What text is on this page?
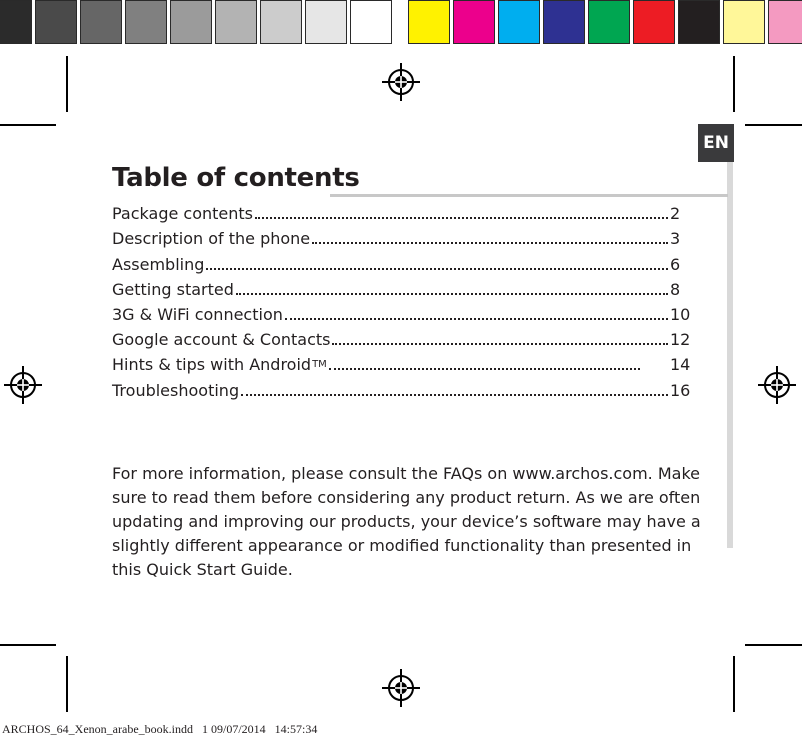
EN
Table of contents
Package contents	2
Description of the phone	3
Assembling	6
Getting started	8
3G & WiFi connection	10
Google account & Contacts	12
Hints & tips with Android TM	14
Troubleshooting	16

For more information, please consult the FAQs on www.archos.com. Make sure to read them before considering any product return. As we are often updating and improving our products, your device’s software may have a slightly different appearance or modified functionality than presented in this Quick Start Guide.

ARCHOS_64_Xenon_arabe_book.indd 1 09/07/2014 14:57:34
